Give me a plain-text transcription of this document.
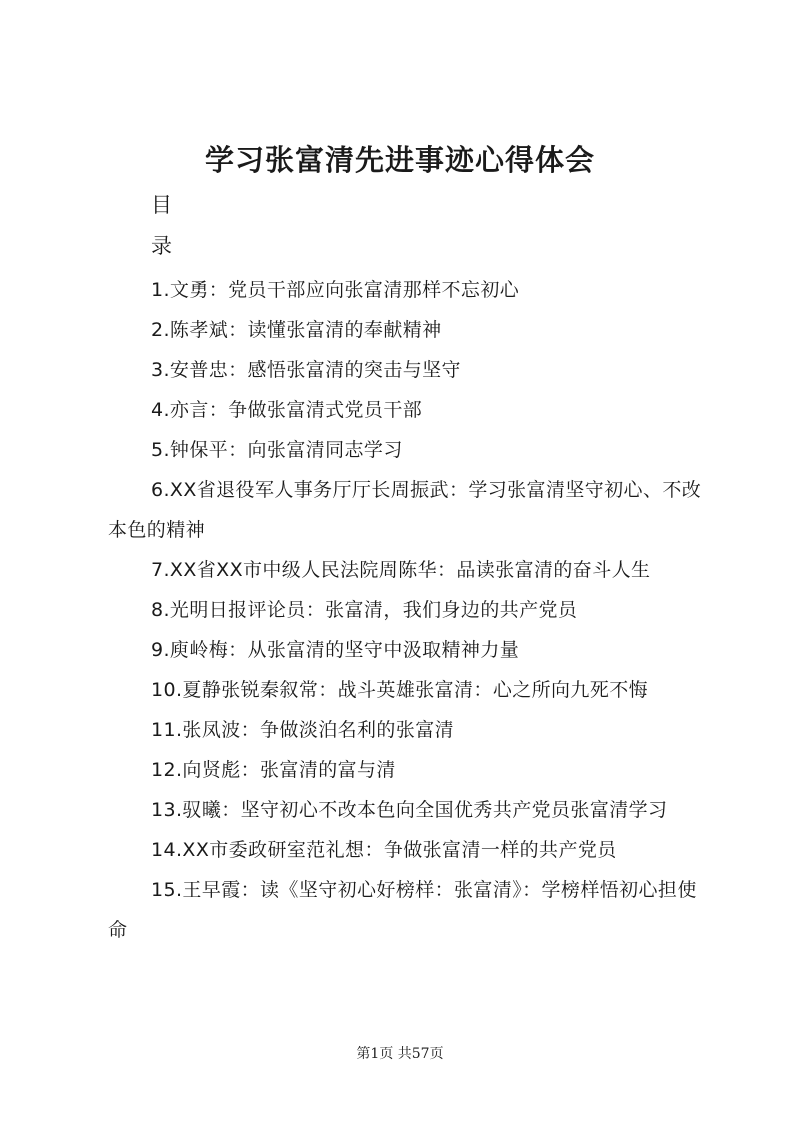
学习张富清先进事迹心得体会
目
录
1.文勇：党员干部应向张富清那样不忘初心
2.陈孝斌：读懂张富清的奉献精神
3.安普忠：感悟张富清的突击与坚守
4.亦言：争做张富清式党员干部
5.钟保平：向张富清同志学习
6.XX省退役军人事务厅厅长周振武：学习张富清坚守初心、不改本色的精神
7.XX省XX市中级人民法院周陈华：品读张富清的奋斗人生
8.光明日报评论员：张富清，我们身边的共产党员
9.庾岭梅：从张富清的坚守中汲取精神力量
10.夏静张锐秦叙常：战斗英雄张富清：心之所向九死不悔
11.张凤波：争做淡泊名利的张富清
12.向贤彪：张富清的富与清
13.驭曦：坚守初心不改本色向全国优秀共产党员张富清学习
14.XX市委政研室范礼想：争做张富清一样的共产党员
15.王早霞：读《坚守初心好榜样：张富清》：学榜样悟初心担使命
第1页 共57页
